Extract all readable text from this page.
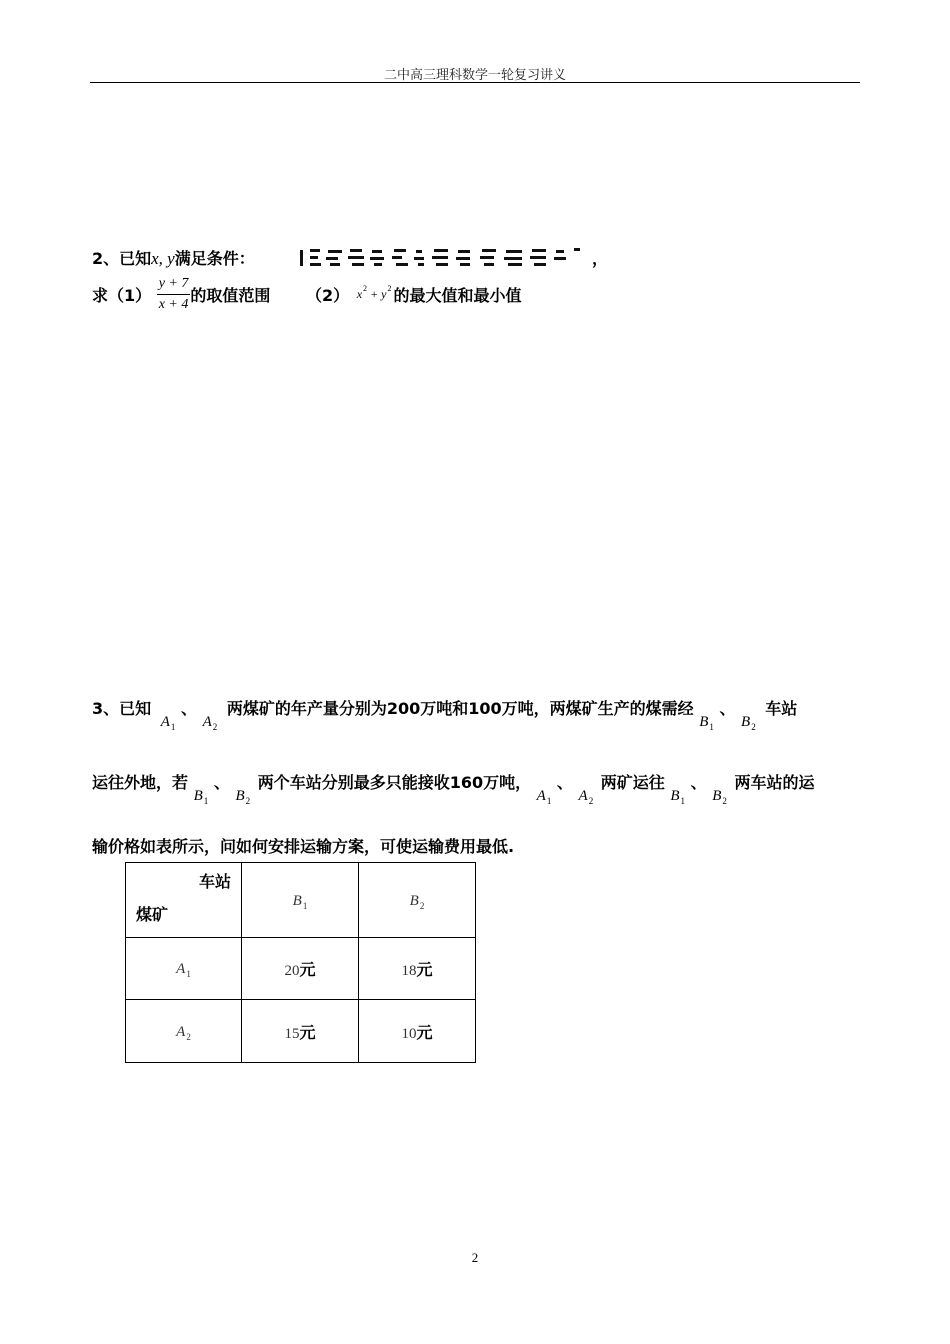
二中高三理科数学一轮复习讲义
2、已知x, y满足条件：	，
求$(1) \frac{y + 7}{x + 4}$ 的取值范围 （2） $x^2 + y^2$ 的最大值和最小值
3、已知 $A_1$ 、 $A_2$ 两煤矿的年产量分别为200万吨和100万吨，两煤矿生产的煤需经 $B_1$ 、 $B_2$ 车站
运往外地，若 $B_1$ 、 $B_2$ 两个车站分别最多只能接收160万吨， $A_1$ 、 $A_2$ 两矿运往 $B_1$ 、 $B_2$ 两车站的运
输价格如表所示，问如何安排运输方案，可使运输费用最低.
车站
煤矿	$B_1$	$B_2$
$A_1$	20元	18元
$A_2$	15元	10元
2
